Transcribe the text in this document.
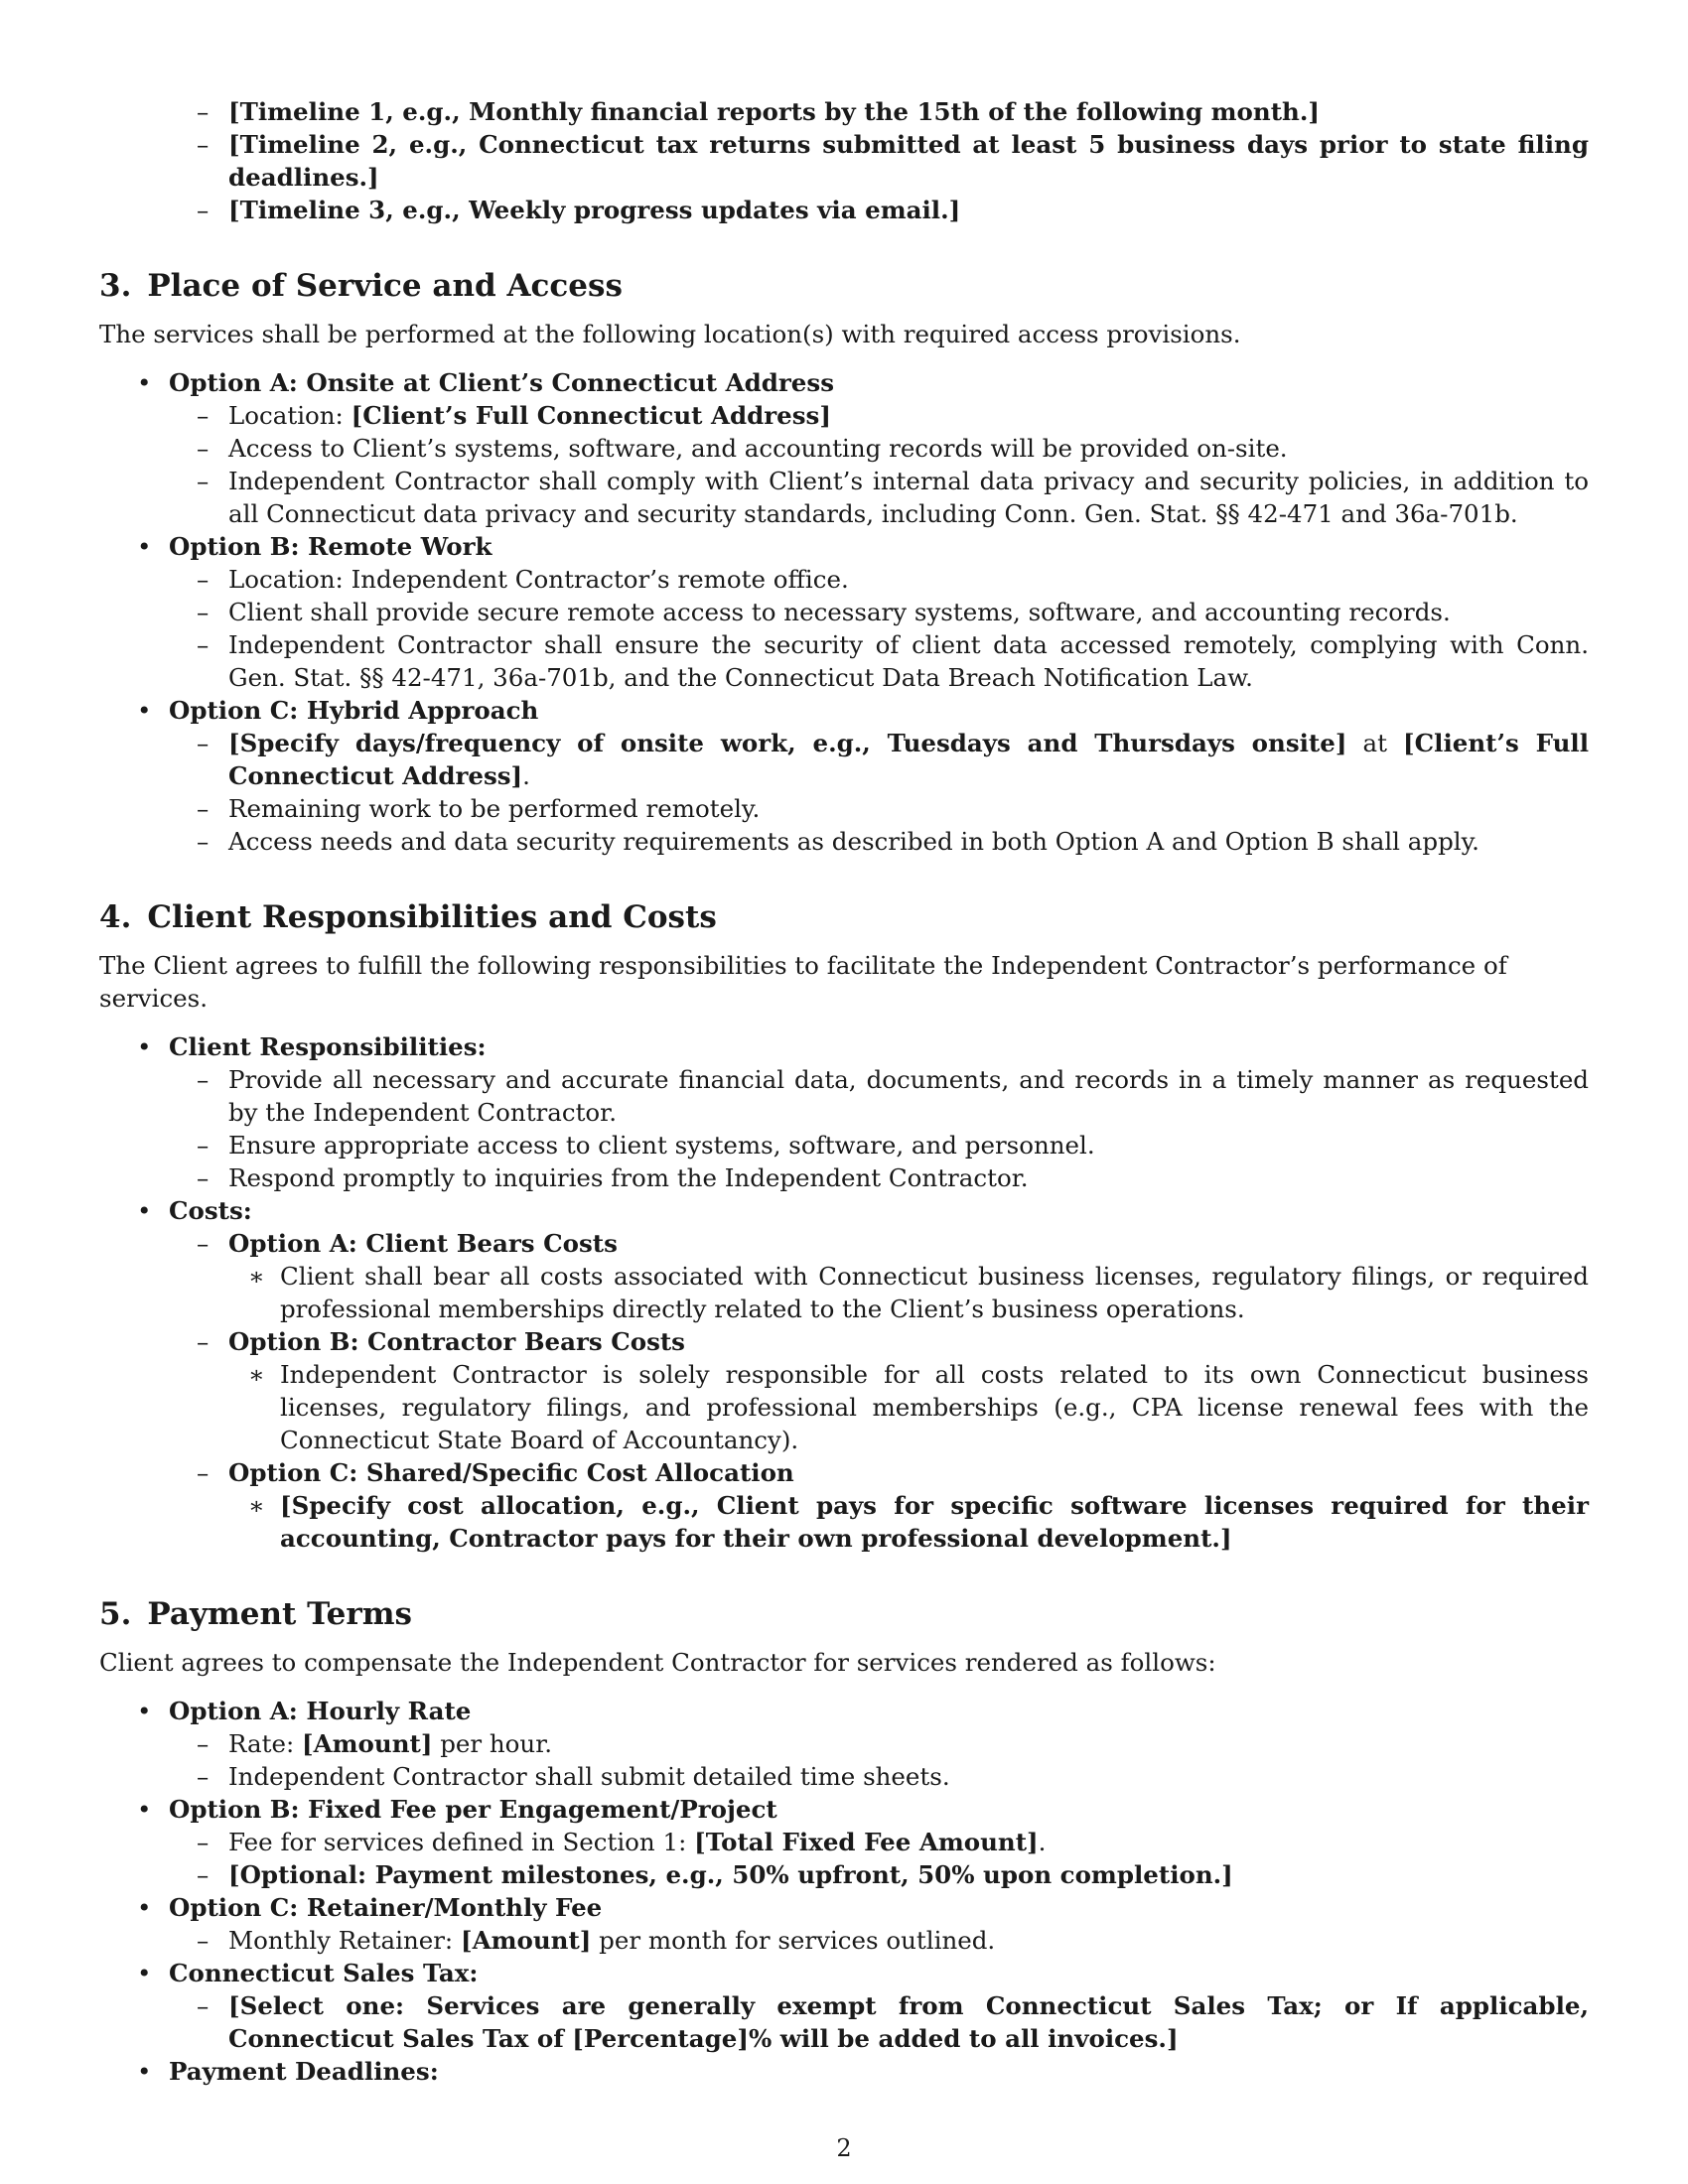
– [Timeline 1, e.g., Monthly financial reports by the 15th of the following month.]
– [Timeline 2, e.g., Connecticut tax returns submitted at least 5 business days prior to state filing deadlines.]
– [Timeline 3, e.g., Weekly progress updates via email.]
3. Place of Service and Access
The services shall be performed at the following location(s) with required access provisions.
• Option A: Onsite at Client’s Connecticut Address
– Location: [Client’s Full Connecticut Address]
– Access to Client’s systems, software, and accounting records will be provided on-site.
– Independent Contractor shall comply with Client’s internal data privacy and security policies, in addition to all Connecticut data privacy and security standards, including Conn. Gen. Stat. §§ 42-471 and 36a-701b.
• Option B: Remote Work
– Location: Independent Contractor’s remote office.
– Client shall provide secure remote access to necessary systems, software, and accounting records.
– Independent Contractor shall ensure the security of client data accessed remotely, complying with Conn. Gen. Stat. §§ 42-471, 36a-701b, and the Connecticut Data Breach Notification Law.
• Option C: Hybrid Approach
– [Specify days/frequency of onsite work, e.g., Tuesdays and Thursdays onsite] at [Client’s Full Connecticut Address].
– Remaining work to be performed remotely.
– Access needs and data security requirements as described in both Option A and Option B shall apply.
4. Client Responsibilities and Costs
The Client agrees to fulfill the following responsibilities to facilitate the Independent Contractor’s performance of services.
• Client Responsibilities:
– Provide all necessary and accurate financial data, documents, and records in a timely manner as requested by the Independent Contractor.
– Ensure appropriate access to client systems, software, and personnel.
– Respond promptly to inquiries from the Independent Contractor.
• Costs:
– Option A: Client Bears Costs
∗ Client shall bear all costs associated with Connecticut business licenses, regulatory filings, or required professional memberships directly related to the Client’s business operations.
– Option B: Contractor Bears Costs
∗ Independent Contractor is solely responsible for all costs related to its own Connecticut business licenses, regulatory filings, and professional memberships (e.g., CPA license renewal fees with the Connecticut State Board of Accountancy).
– Option C: Shared/Specific Cost Allocation
∗ [Specify cost allocation, e.g., Client pays for specific software licenses required for their accounting, Contractor pays for their own professional development.]
5. Payment Terms
Client agrees to compensate the Independent Contractor for services rendered as follows:
• Option A: Hourly Rate
– Rate: [Amount] per hour.
– Independent Contractor shall submit detailed time sheets.
• Option B: Fixed Fee per Engagement/Project
– Fee for services defined in Section 1: [Total Fixed Fee Amount].
– [Optional: Payment milestones, e.g., 50% upfront, 50% upon completion.]
• Option C: Retainer/Monthly Fee
– Monthly Retainer: [Amount] per month for services outlined.
• Connecticut Sales Tax:
– [Select one: Services are generally exempt from Connecticut Sales Tax; or If applicable, Connecticut Sales Tax of [Percentage]% will be added to all invoices.]
• Payment Deadlines:
2
